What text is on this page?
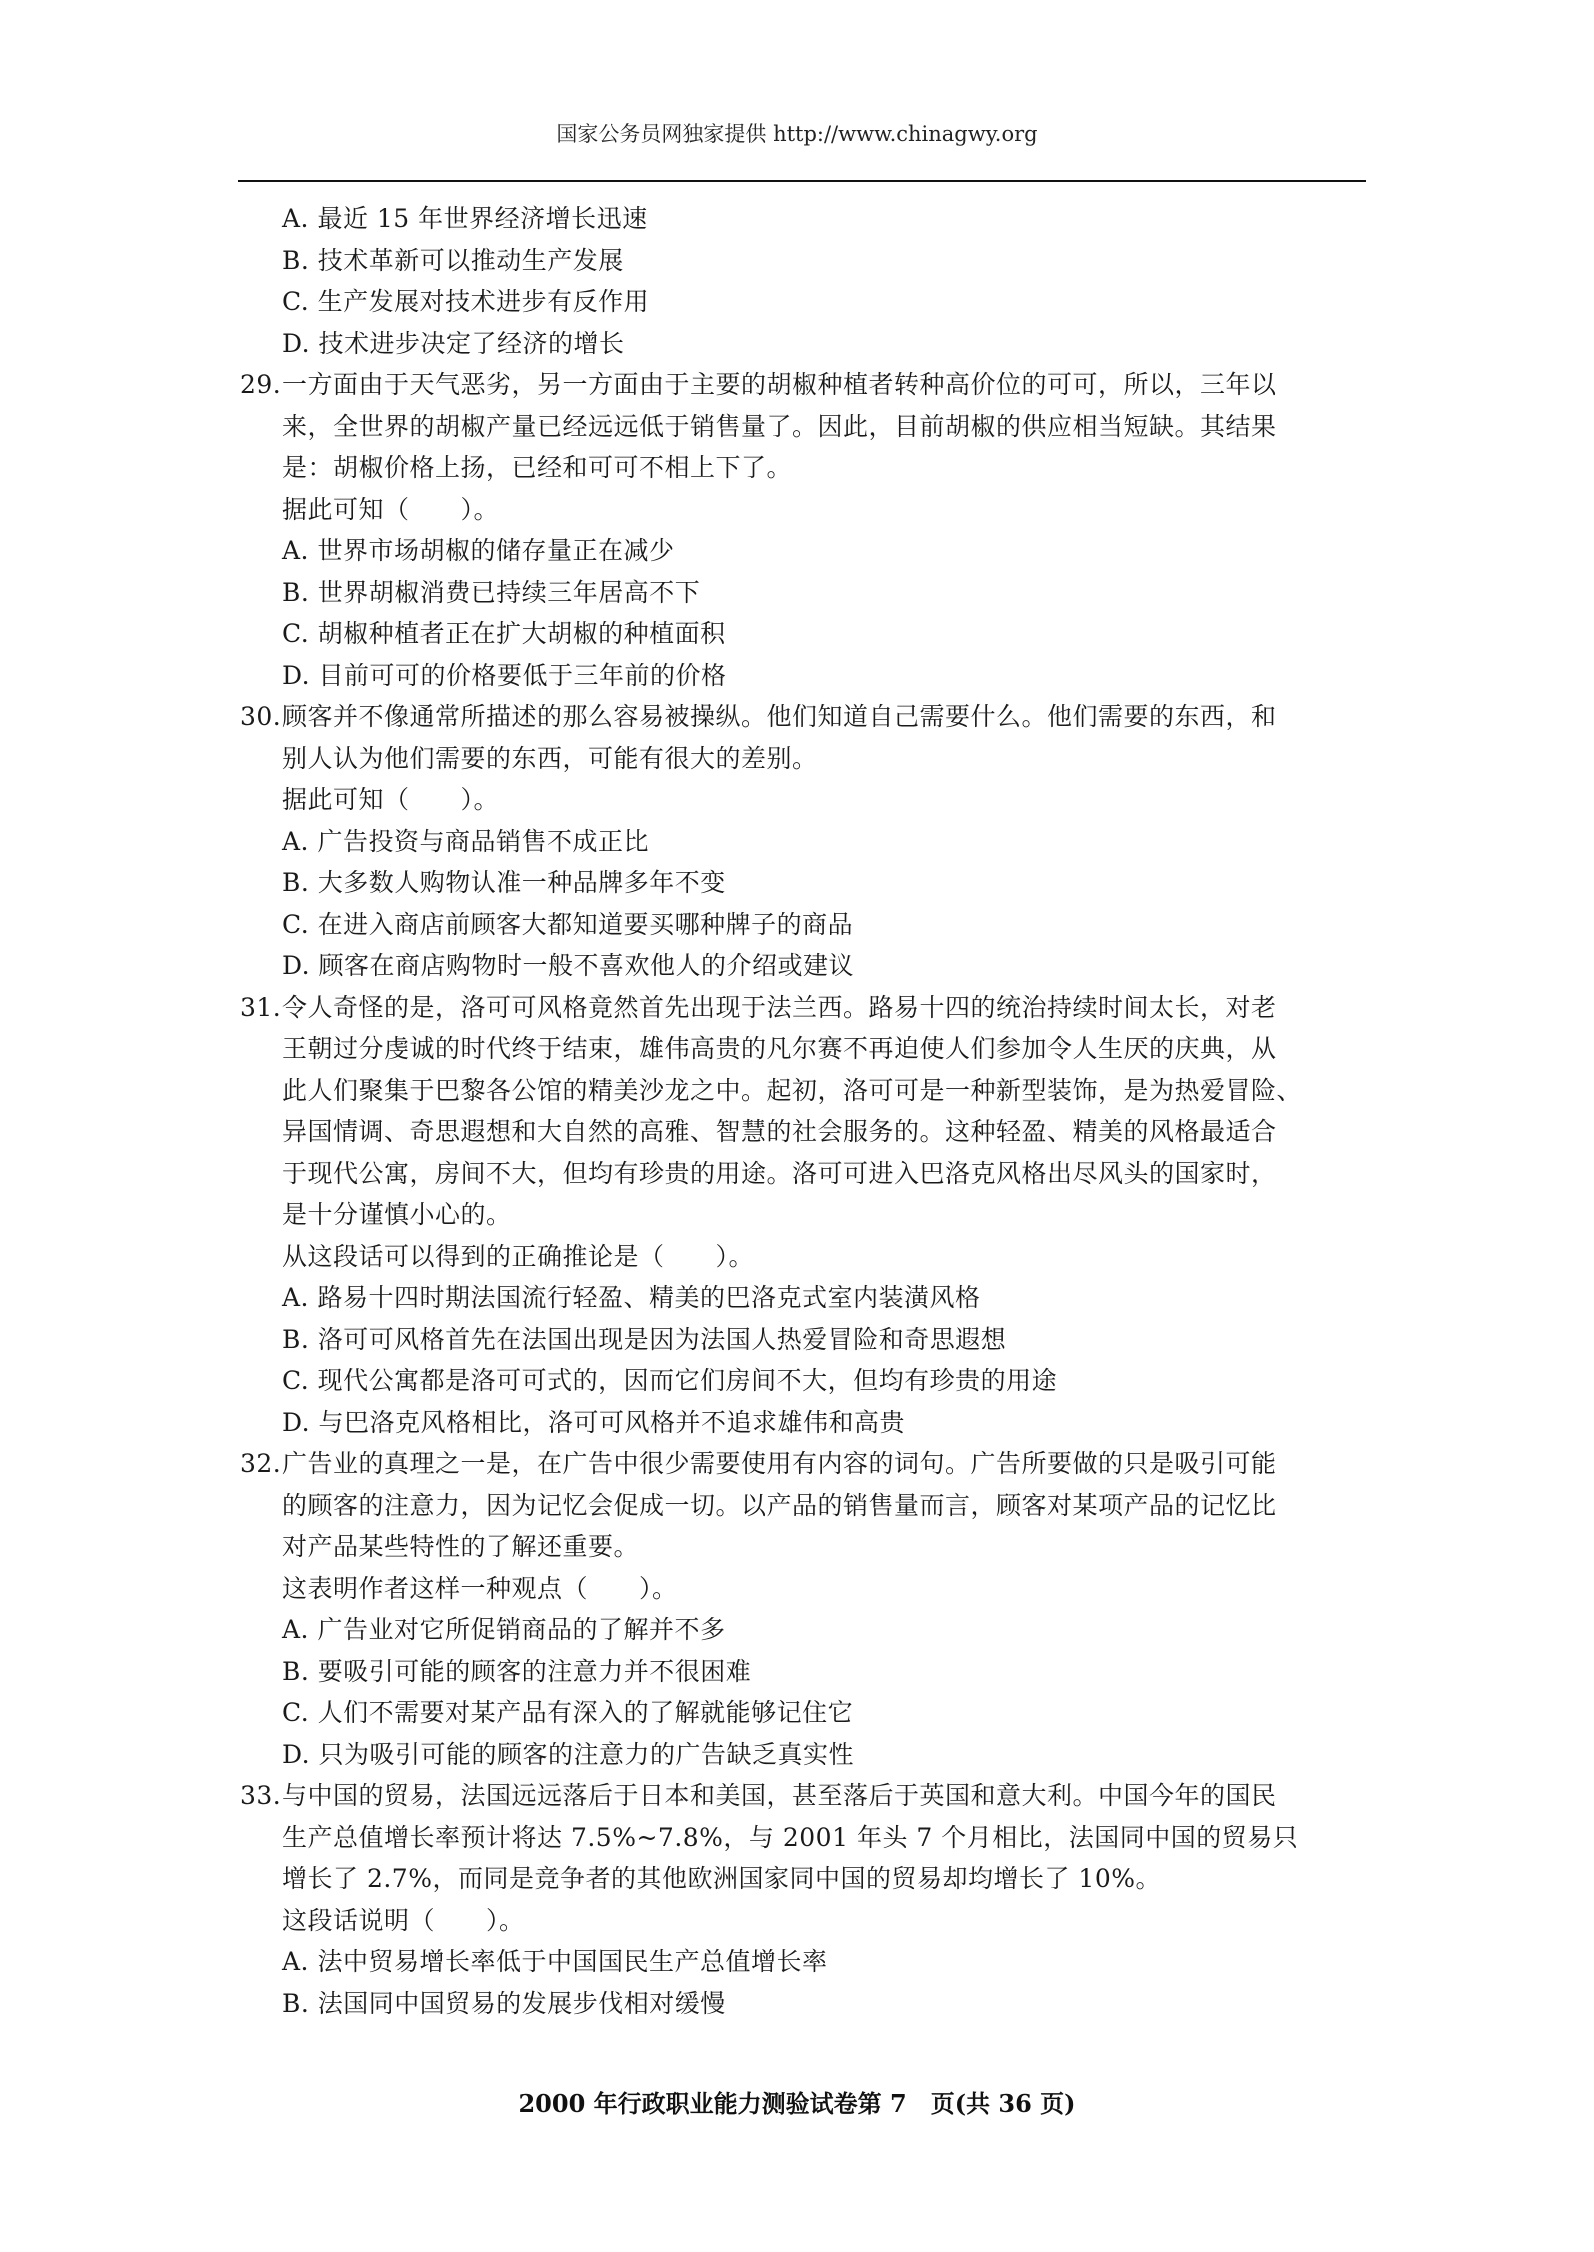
国家公务员网独家提供 http://www.chinagwy.org
A. 最近 15 年世界经济增长迅速
B. 技术革新可以推动生产发展
C. 生产发展对技术进步有反作用
D. 技术进步决定了经济的增长
29. 一方面由于天气恶劣，另一方面由于主要的胡椒种植者转种高价位的可可，所以，三年以
来，全世界的胡椒产量已经远远低于销售量了。因此，目前胡椒的供应相当短缺。其结果
是：胡椒价格上扬，已经和可可不相上下了。
据此可知（　　）。
A. 世界市场胡椒的储存量正在减少
B. 世界胡椒消费已持续三年居高不下
C. 胡椒种植者正在扩大胡椒的种植面积
D. 目前可可的价格要低于三年前的价格
30. 顾客并不像通常所描述的那么容易被操纵。他们知道自己需要什么。他们需要的东西，和
别人认为他们需要的东西，可能有很大的差别。
据此可知（　　）。
A. 广告投资与商品销售不成正比
B. 大多数人购物认准一种品牌多年不变
C. 在进入商店前顾客大都知道要买哪种牌子的商品
D. 顾客在商店购物时一般不喜欢他人的介绍或建议
31. 令人奇怪的是，洛可可风格竟然首先出现于法兰西。路易十四的统治持续时间太长，对老
王朝过分虔诚的时代终于结束，雄伟高贵的凡尔赛不再迫使人们参加令人生厌的庆典，从
此人们聚集于巴黎各公馆的精美沙龙之中。起初，洛可可是一种新型装饰，是为热爱冒险、
异国情调、奇思遐想和大自然的高雅、智慧的社会服务的。这种轻盈、精美的风格最适合
于现代公寓，房间不大，但均有珍贵的用途。洛可可进入巴洛克风格出尽风头的国家时，
是十分谨慎小心的。
从这段话可以得到的正确推论是（　　）。
A. 路易十四时期法国流行轻盈、精美的巴洛克式室内装潢风格
B. 洛可可风格首先在法国出现是因为法国人热爱冒险和奇思遐想
C. 现代公寓都是洛可可式的，因而它们房间不大，但均有珍贵的用途
D. 与巴洛克风格相比，洛可可风格并不追求雄伟和高贵
32. 广告业的真理之一是，在广告中很少需要使用有内容的词句。广告所要做的只是吸引可能
的顾客的注意力，因为记忆会促成一切。以产品的销售量而言，顾客对某项产品的记忆比
对产品某些特性的了解还重要。
这表明作者这样一种观点（　　）。
A. 广告业对它所促销商品的了解并不多
B. 要吸引可能的顾客的注意力并不很困难
C. 人们不需要对某产品有深入的了解就能够记住它
D. 只为吸引可能的顾客的注意力的广告缺乏真实性
33. 与中国的贸易，法国远远落后于日本和美国，甚至落后于英国和意大利。中国今年的国民
生产总值增长率预计将达 7.5%~7.8%，与 2001 年头 7 个月相比，法国同中国的贸易只
增长了 2.7%，而同是竞争者的其他欧洲国家同中国的贸易却均增长了 10%。
这段话说明（　　）。
A. 法中贸易增长率低于中国国民生产总值增长率
B. 法国同中国贸易的发展步伐相对缓慢
2000 年行政职业能力测验试卷第 7　页(共 36 页)
